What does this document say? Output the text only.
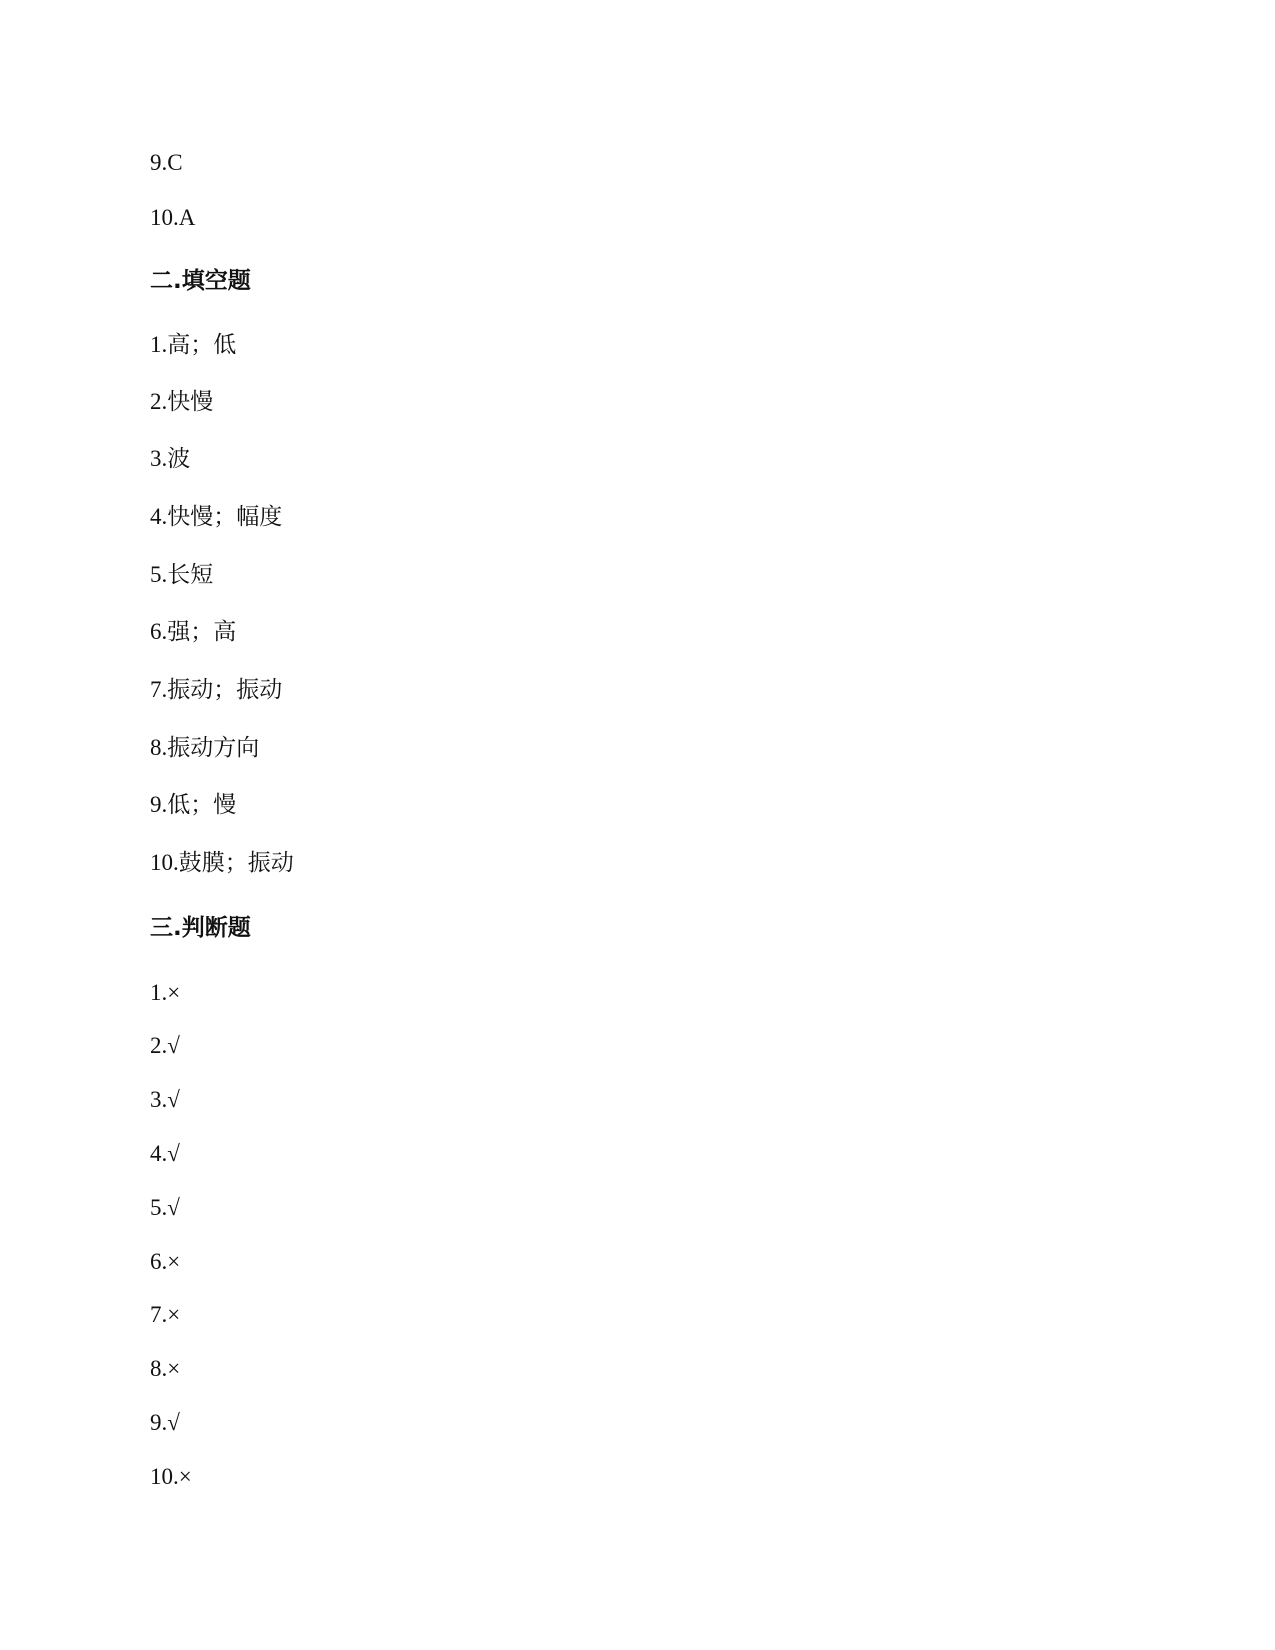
9.C
10.A
二.填空题
1.高；低
2.快慢
3.波
4.快慢；幅度
5.长短
6.强；高
7.振动；振动
8.振动方向
9.低；慢
10.鼓膜；振动
三.判断题
1.×
2.√
3.√
4.√
5.√
6.×
7.×
8.×
9.√
10.×
